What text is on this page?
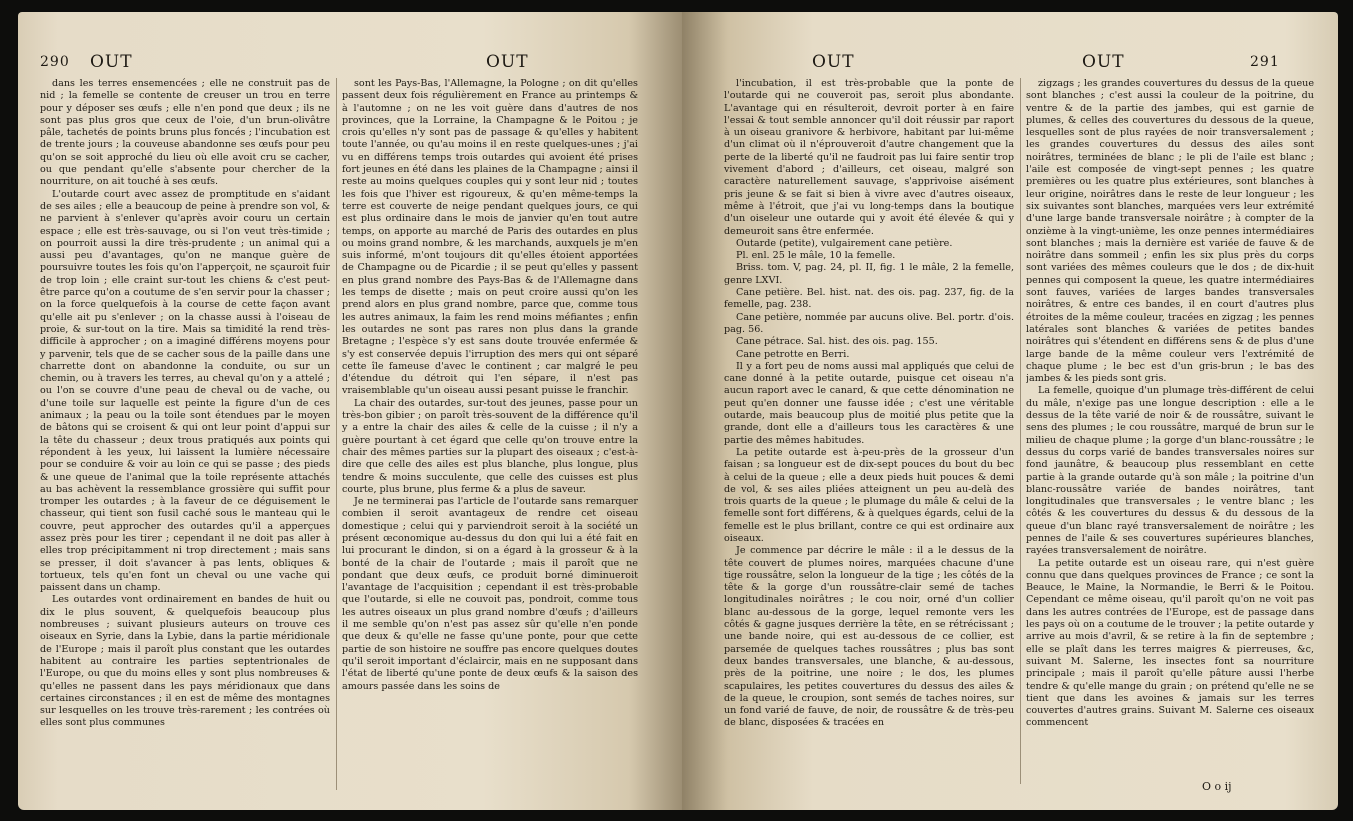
290 OUT	OUT

dans les terres ensemencées ; elle ne construit pas de nid ; la femelle se contente de creuser un trou en terre pour y déposer ses œufs ; elle n'en pond que deux ; ils ne sont pas plus gros que ceux de l'oie, d'un brun-olivâtre pâle, tachetés de points bruns plus foncés ; l'incubation est de trente jours ; la couveuse abandonne ses œufs pour peu qu'on se soit approché du lieu où elle avoit cru se cacher, ou que pendant qu'elle s'absente pour chercher de la nourriture, on ait touché à ses œufs.

L'outarde court avec assez de promptitude en s'aidant de ses ailes ; elle a beaucoup de peine à prendre son vol, & ne parvient à s'enlever qu'après avoir couru un certain espace ; elle est très-sauvage, ou si l'on veut très-timide ; on pourroit aussi la dire très-prudente ; un animal qui a aussi peu d'avantages, qu'on ne manque guère de poursuivre toutes les fois qu'on l'apperçoit, ne sçauroit fuir de trop loin ; elle craint sur-tout les chiens & c'est peut-être parce qu'on a coutume de s'en servir pour la chasser ; on la force quelquefois à la course de cette façon avant qu'elle ait pu s'enlever ; on la chasse aussi à l'oiseau de proie, & sur-tout on la tire. Mais sa timidité la rend très-difficile à approcher ; on a imaginé différens moyens pour y parvenir, tels que de se cacher sous de la paille dans une charrette dont on abandonne la conduite, ou sur un chemin, ou à travers les terres, au cheval qu'on y a attelé ; ou l'on se couvre d'une peau de cheval ou de vache, ou d'une toile sur laquelle est peinte la figure d'un de ces animaux ; la peau ou la toile sont étendues par le moyen de bâtons qui se croisent & qui ont leur point d'appui sur la tête du chasseur ; deux trous pratiqués aux points qui répondent à les yeux, lui laissent la lumière nécessaire pour se conduire & voir au loin ce qui se passe ; des pieds & une queue de l'animal que la toile représente attachés au bas achèvent la ressemblance grossière qui suffit pour tromper les outardes ; à la faveur de ce déguisement le chasseur, qui tient son fusil caché sous le manteau qui le couvre, peut approcher des outardes qu'il a apperçues assez près pour les tirer ; cependant il ne doit pas aller à elles trop précipitamment ni trop directement ; mais sans se presser, il doit s'avancer à pas lents, obliques & tortueux, tels qu'en font un cheval ou une vache qui paissent dans un champ.

Les outardes vont ordinairement en bandes de huit ou dix le plus souvent, & quelquefois beaucoup plus nombreuses ; suivant plusieurs auteurs on trouve ces oiseaux en Syrie, dans la Lybie, dans la partie méridionale de l'Europe ; mais il paroît plus constant que les outardes habitent au contraire les parties septentrionales de l'Europe, ou que du moins elles y sont plus nombreuses & qu'elles ne passent dans les pays méridionaux que dans certaines circonstances ; il en est de même des montagnes sur lesquelles on les trouve très-rarement ; les contrées où elles sont plus communes

sont les Pays-Bas, l'Allemagne, la Pologne ; on dit qu'elles passent deux fois régulièrement en France au printemps & à l'automne ; on ne les voit guère dans d'autres de nos provinces, que la Lorraine, la Champagne & le Poitou ; je crois qu'elles n'y sont pas de passage & qu'elles y habitent toute l'année, ou qu'au moins il en reste quelques-unes ; j'ai vu en différens temps trois outardes qui avoient été prises fort jeunes en été dans les plaines de la Champagne ; ainsi il reste au moins quelques couples qui y sont leur nid ; toutes les fois que l'hiver est rigoureux, & qu'en même-temps la terre est couverte de neige pendant quelques jours, ce qui est plus ordinaire dans le mois de janvier qu'en tout autre temps, on apporte au marché de Paris des outardes en plus ou moins grand nombre, & les marchands, auxquels je m'en suis informé, m'ont toujours dit qu'elles étoient apportées de Champagne ou de Picardie ; il se peut qu'elles y passent en plus grand nombre des Pays-Bas & de l'Allemagne dans les temps de disette ; mais on peut croire aussi qu'on les prend alors en plus grand nombre, parce que, comme tous les autres animaux, la faim les rend moins méfiantes ; enfin les outardes ne sont pas rares non plus dans la grande Bretagne ; l'espèce s'y est sans doute trouvée enfermée & s'y est conservée depuis l'irruption des mers qui ont séparé cette île fameuse d'avec le continent ; car malgré le peu d'étendue du détroit qui l'en sépare, il n'est pas vraisemblable qu'un oiseau aussi pesant puisse le franchir.

La chair des outardes, sur-tout des jeunes, passe pour un très-bon gibier ; on paroît très-souvent de la différence qu'il y a entre la chair des ailes & celle de la cuisse ; il n'y a guère pourtant à cet égard que celle qu'on trouve entre la chair des mêmes parties sur la plupart des oiseaux ; c'est-à-dire que celle des ailes est plus blanche, plus longue, plus tendre & moins succulente, que celle des cuisses est plus courte, plus brune, plus ferme & a plus de saveur.

Je ne terminerai pas l'article de l'outarde sans remarquer combien il seroit avantageux de rendre cet oiseau domestique ; celui qui y parviendroit seroit à la société un présent œconomique au-dessus du don qui lui a été fait en lui procurant le dindon, si on a égard à la grosseur & à la bonté de la chair de l'outarde ; mais il paroît que ne pondant que deux œufs, ce produit borné diminueroit l'avantage de l'acquisition ; cependant il est très-probable que l'outarde, si elle ne couvoit pas, pondroit, comme tous les autres oiseaux un plus grand nombre d'œufs ; d'ailleurs il me semble qu'on n'est pas assez sûr qu'elle n'en ponde que deux & qu'elle ne fasse qu'une ponte, pour que cette partie de son histoire ne souffre pas encore quelques doutes qu'il seroit important d'éclaircir, mais en ne supposant dans l'état de liberté qu'une ponte de deux œufs & la saison des amours passée dans les soins de

OUT	OUT	291

l'incubation, il est très-probable que la ponte de l'outarde qui ne couveroit pas, seroit plus abondante. L'avantage qui en résulteroit, devroit porter à en faire l'essai & tout semble annoncer qu'il doit réussir par raport à un oiseau granivore & herbivore, habitant par lui-même d'un climat où il n'éprouveroit d'autre changement que la perte de la liberté qu'il ne faudroit pas lui faire sentir trop vivement d'abord ; d'ailleurs, cet oiseau, malgré son caractère naturellement sauvage, s'apprivoise aisément pris jeune & se fait si bien à vivre avec d'autres oiseaux, même à l'étroit, que j'ai vu long-temps dans la boutique d'un oiseleur une outarde qui y avoit été élevée & qui y demeuroit sans être enfermée.

Outarde (petite), vulgairement cane petière.

Pl. enl. 25 le mâle, 10 la femelle.

Briss. tom. V, pag. 24, pl. II, fig. 1 le mâle, 2 la femelle, genre LXVI.

Cane petière. Bel. hist. nat. des ois. pag. 237, fig. de la femelle, pag. 238.

Cane petière, nommée par aucuns olive. Bel. portr. d'ois. pag. 56.

Cane pétrace. Sal. hist. des ois. pag. 155.

Cane petrotte en Berri.

Il y a fort peu de noms aussi mal appliqués que celui de cane donné à la petite outarde, puisque cet oiseau n'a aucun raport avec le canard, & que cette dénomination ne peut qu'en donner une fausse idée ; c'est une véritable outarde, mais beaucoup plus de moitié plus petite que la grande, dont elle a d'ailleurs tous les caractères & une partie des mêmes habitudes.

La petite outarde est à-peu-près de la grosseur d'un faisan ; sa longueur est de dix-sept pouces du bout du bec à celui de la queue ; elle a deux pieds huit pouces & demi de vol, & ses ailes pliées atteignent un peu au-delà des trois quarts de la queue ; le plumage du mâle & celui de la femelle sont fort différens, & à quelques égards, celui de la femelle est le plus brillant, contre ce qui est ordinaire aux oiseaux.

Je commence par décrire le mâle : il a le dessus de la tête couvert de plumes noires, marquées chacune d'une tige roussâtre, selon la longueur de la tige ; les côtés de la tête & la gorge d'un roussâtre-clair semé de taches longitudinales noirâtres ; le cou noir, orné d'un collier blanc au-dessous de la gorge, lequel remonte vers les côtés & gagne jusques derrière la tête, en se rétrécissant ; une bande noire, qui est au-dessous de ce collier, est parsemée de quelques taches roussâtres ; plus bas sont deux bandes transversales, une blanche, & au-dessous, près de la poitrine, une noire ; le dos, les plumes scapulaires, les petites couvertures du dessus des ailes & de la queue, le croupion, sont semés de taches noires, sur un fond varié de fauve, de noir, de roussâtre & de très-peu de blanc, disposées & tracées en

zigzags ; les grandes couvertures du dessus de la queue sont blanches ; c'est aussi la couleur de la poitrine, du ventre & de la partie des jambes, qui est garnie de plumes, & celles des couvertures du dessous de la queue, lesquelles sont de plus rayées de noir transversalement ; les grandes couvertures du dessus des ailes sont noirâtres, terminées de blanc ; le pli de l'aile est blanc ; l'aile est composée de vingt-sept pennes ; les quatre premières ou les quatre plus extérieures, sont blanches à leur origine, noirâtres dans le reste de leur longueur ; les six suivantes sont blanches, marquées vers leur extrémité d'une large bande transversale noirâtre ; à compter de la onzième à la vingt-unième, les onze pennes intermédiaires sont blanches ; mais la dernière est variée de fauve & de noirâtre dans sommeil ; enfin les six plus près du corps sont variées des mêmes couleurs que le dos ; de dix-huit pennes qui composent la queue, les quatre intermédiaires sont fauves, variées de larges bandes transversales noirâtres, & entre ces bandes, il en court d'autres plus étroites de la même couleur, tracées en zigzag ; les pennes latérales sont blanches & variées de petites bandes noirâtres qui s'étendent en différens sens & de plus d'une large bande de la même couleur vers l'extrémité de chaque plume ; le bec est d'un gris-brun ; le bas des jambes & les pieds sont gris.

La femelle, quoique d'un plumage très-différent de celui du mâle, n'exige pas une longue description : elle a le dessus de la tête varié de noir & de roussâtre, suivant le sens des plumes ; le cou roussâtre, marqué de brun sur le milieu de chaque plume ; la gorge d'un blanc-roussâtre ; le dessus du corps varié de bandes transversales noires sur fond jaunâtre, & beaucoup plus ressemblant en cette partie à la grande outarde qu'à son mâle ; la poitrine d'un blanc-roussâtre variée de bandes noirâtres, tant longitudinales que transversales ; le ventre blanc ; les côtés & les couvertures du dessus & du dessous de la queue d'un blanc rayé transversalement de noirâtre ; les pennes de l'aile & ses couvertures supérieures blanches, rayées transversalement de noirâtre.

La petite outarde est un oiseau rare, qui n'est guère connu que dans quelques provinces de France ; ce sont la Beauce, le Maine, la Normandie, le Berri & le Poitou. Cependant ce même oiseau, qu'il paroît qu'on ne voit pas dans les autres contrées de l'Europe, est de passage dans les pays où on a coutume de le trouver ; la petite outarde y arrive au mois d'avril, & se retire à la fin de septembre ; elle se plaît dans les terres maigres & pierreuses, &c, suivant M. Salerne, les insectes font sa nourriture principale ; mais il paroît qu'elle pâture aussi l'herbe tendre & qu'elle mange du grain ; on prétend qu'elle ne se tient que dans les avoines & jamais sur les terres couvertes d'autres grains. Suivant M. Salerne ces oiseaux commencent

O o ij
